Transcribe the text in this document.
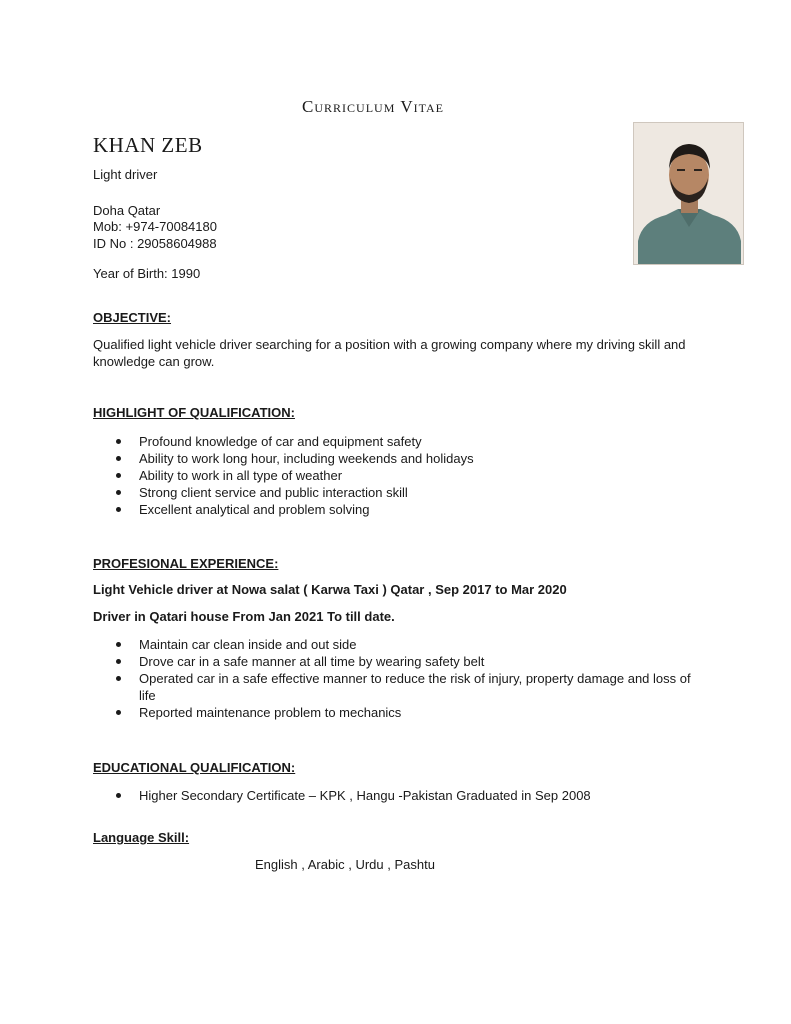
Curriculum Vitae
KHAN ZEB
Light driver
Doha Qatar
Mob: +974-70084180
ID No : 29058604988
Year of Birth: 1990
OBJECTIVE:
Qualified light vehicle driver searching for a position with a growing company where my driving skill and knowledge can grow.
HIGHLIGHT OF QUALIFICATION:
Profound knowledge of car and equipment safety
Ability to work long hour, including weekends and holidays
Ability to work in all type of weather
Strong client service and public interaction skill
Excellent analytical and problem solving
PROFESIONAL EXPERIENCE:
Light Vehicle driver at Nowa salat ( Karwa Taxi ) Qatar , Sep 2017 to Mar 2020
Driver in Qatari house From Jan 2021 To till date.
Maintain car clean inside and out side
Drove car in a safe manner at all time by wearing safety belt
Operated car in a safe effective manner to reduce the risk of injury, property damage and loss of life
Reported maintenance problem to mechanics
EDUCATIONAL QUALIFICATION:
Higher Secondary Certificate – KPK , Hangu -Pakistan Graduated in Sep 2008
Language Skill:
English , Arabic , Urdu , Pashtu
